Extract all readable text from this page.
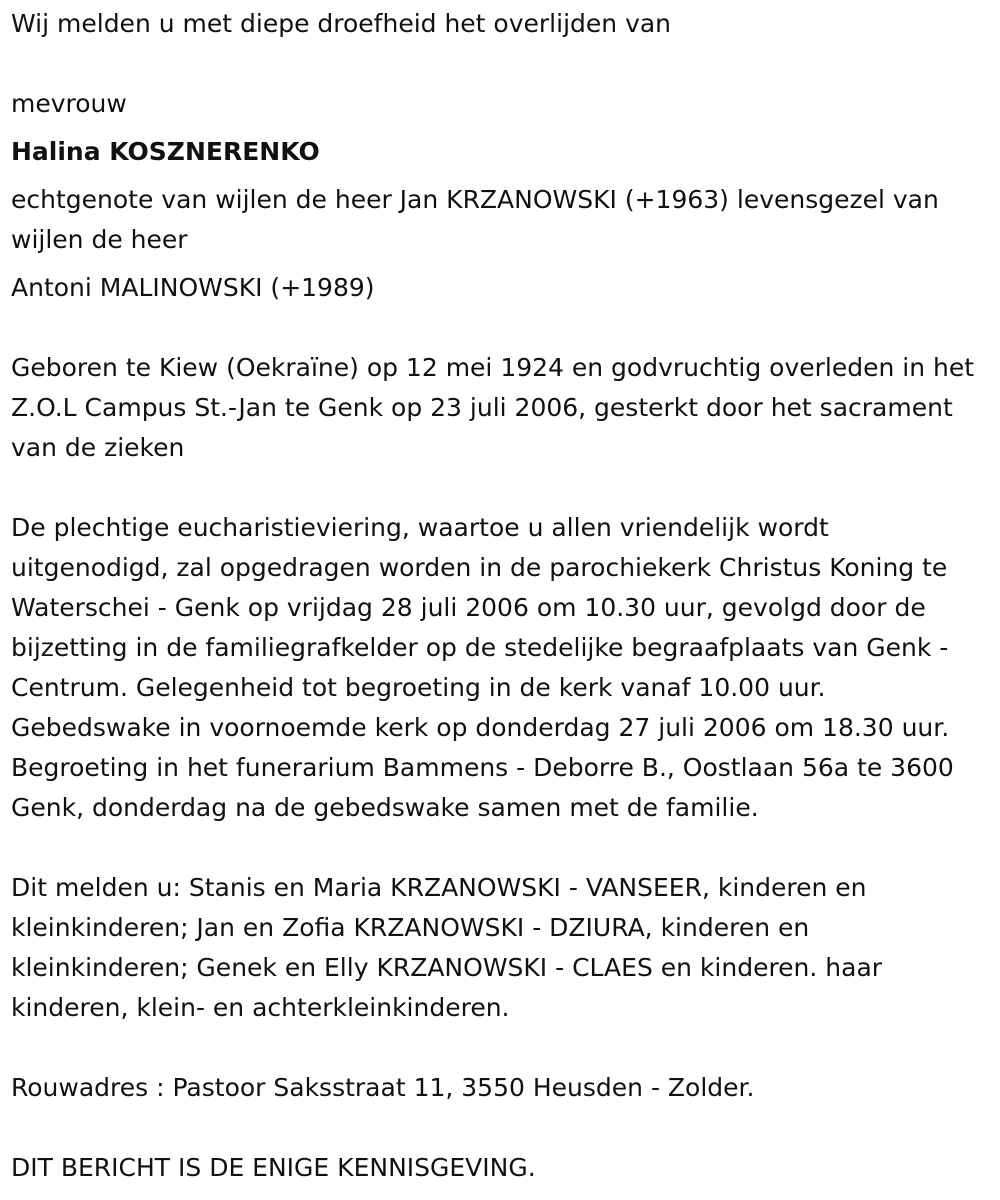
Wij melden u met diepe droefheid het overlijden van

mevrouw

Halina KOSZNERENKO

echtgenote van wijlen de heer Jan KRZANOWSKI (+1963) levensgezel van wijlen de heer

Antoni MALINOWSKI (+1989)

Geboren te Kiew (Oekraïne) op 12 mei 1924 en godvruchtig overleden in het Z.O.L Campus St.-Jan te Genk op 23 juli 2006, gesterkt door het sacrament van de zieken

De plechtige eucharistieviering, waartoe u allen vriendelijk wordt uitgenodigd, zal opgedragen worden in de parochiekerk Christus Koning te Waterschei - Genk op vrijdag 28 juli 2006 om 10.30 uur, gevolgd door de bijzetting in de familiegrafkelder op de stedelijke begraafplaats van Genk - Centrum. Gelegenheid tot begroeting in de kerk vanaf 10.00 uur. Gebedswake in voornoemde kerk op donderdag 27 juli 2006 om 18.30 uur. Begroeting in het funerarium Bammens - Deborre B., Oostlaan 56a te 3600 Genk, donderdag na de gebedswake samen met de familie.

Dit melden u: Stanis en Maria KRZANOWSKI - VANSEER, kinderen en kleinkinderen; Jan en Zofia KRZANOWSKI - DZIURA, kinderen en kleinkinderen; Genek en Elly KRZANOWSKI - CLAES en kinderen. haar kinderen, klein- en achterkleinkinderen.

Rouwadres : Pastoor Saksstraat 11, 3550 Heusden - Zolder.

DIT BERICHT IS DE ENIGE KENNISGEVING.
